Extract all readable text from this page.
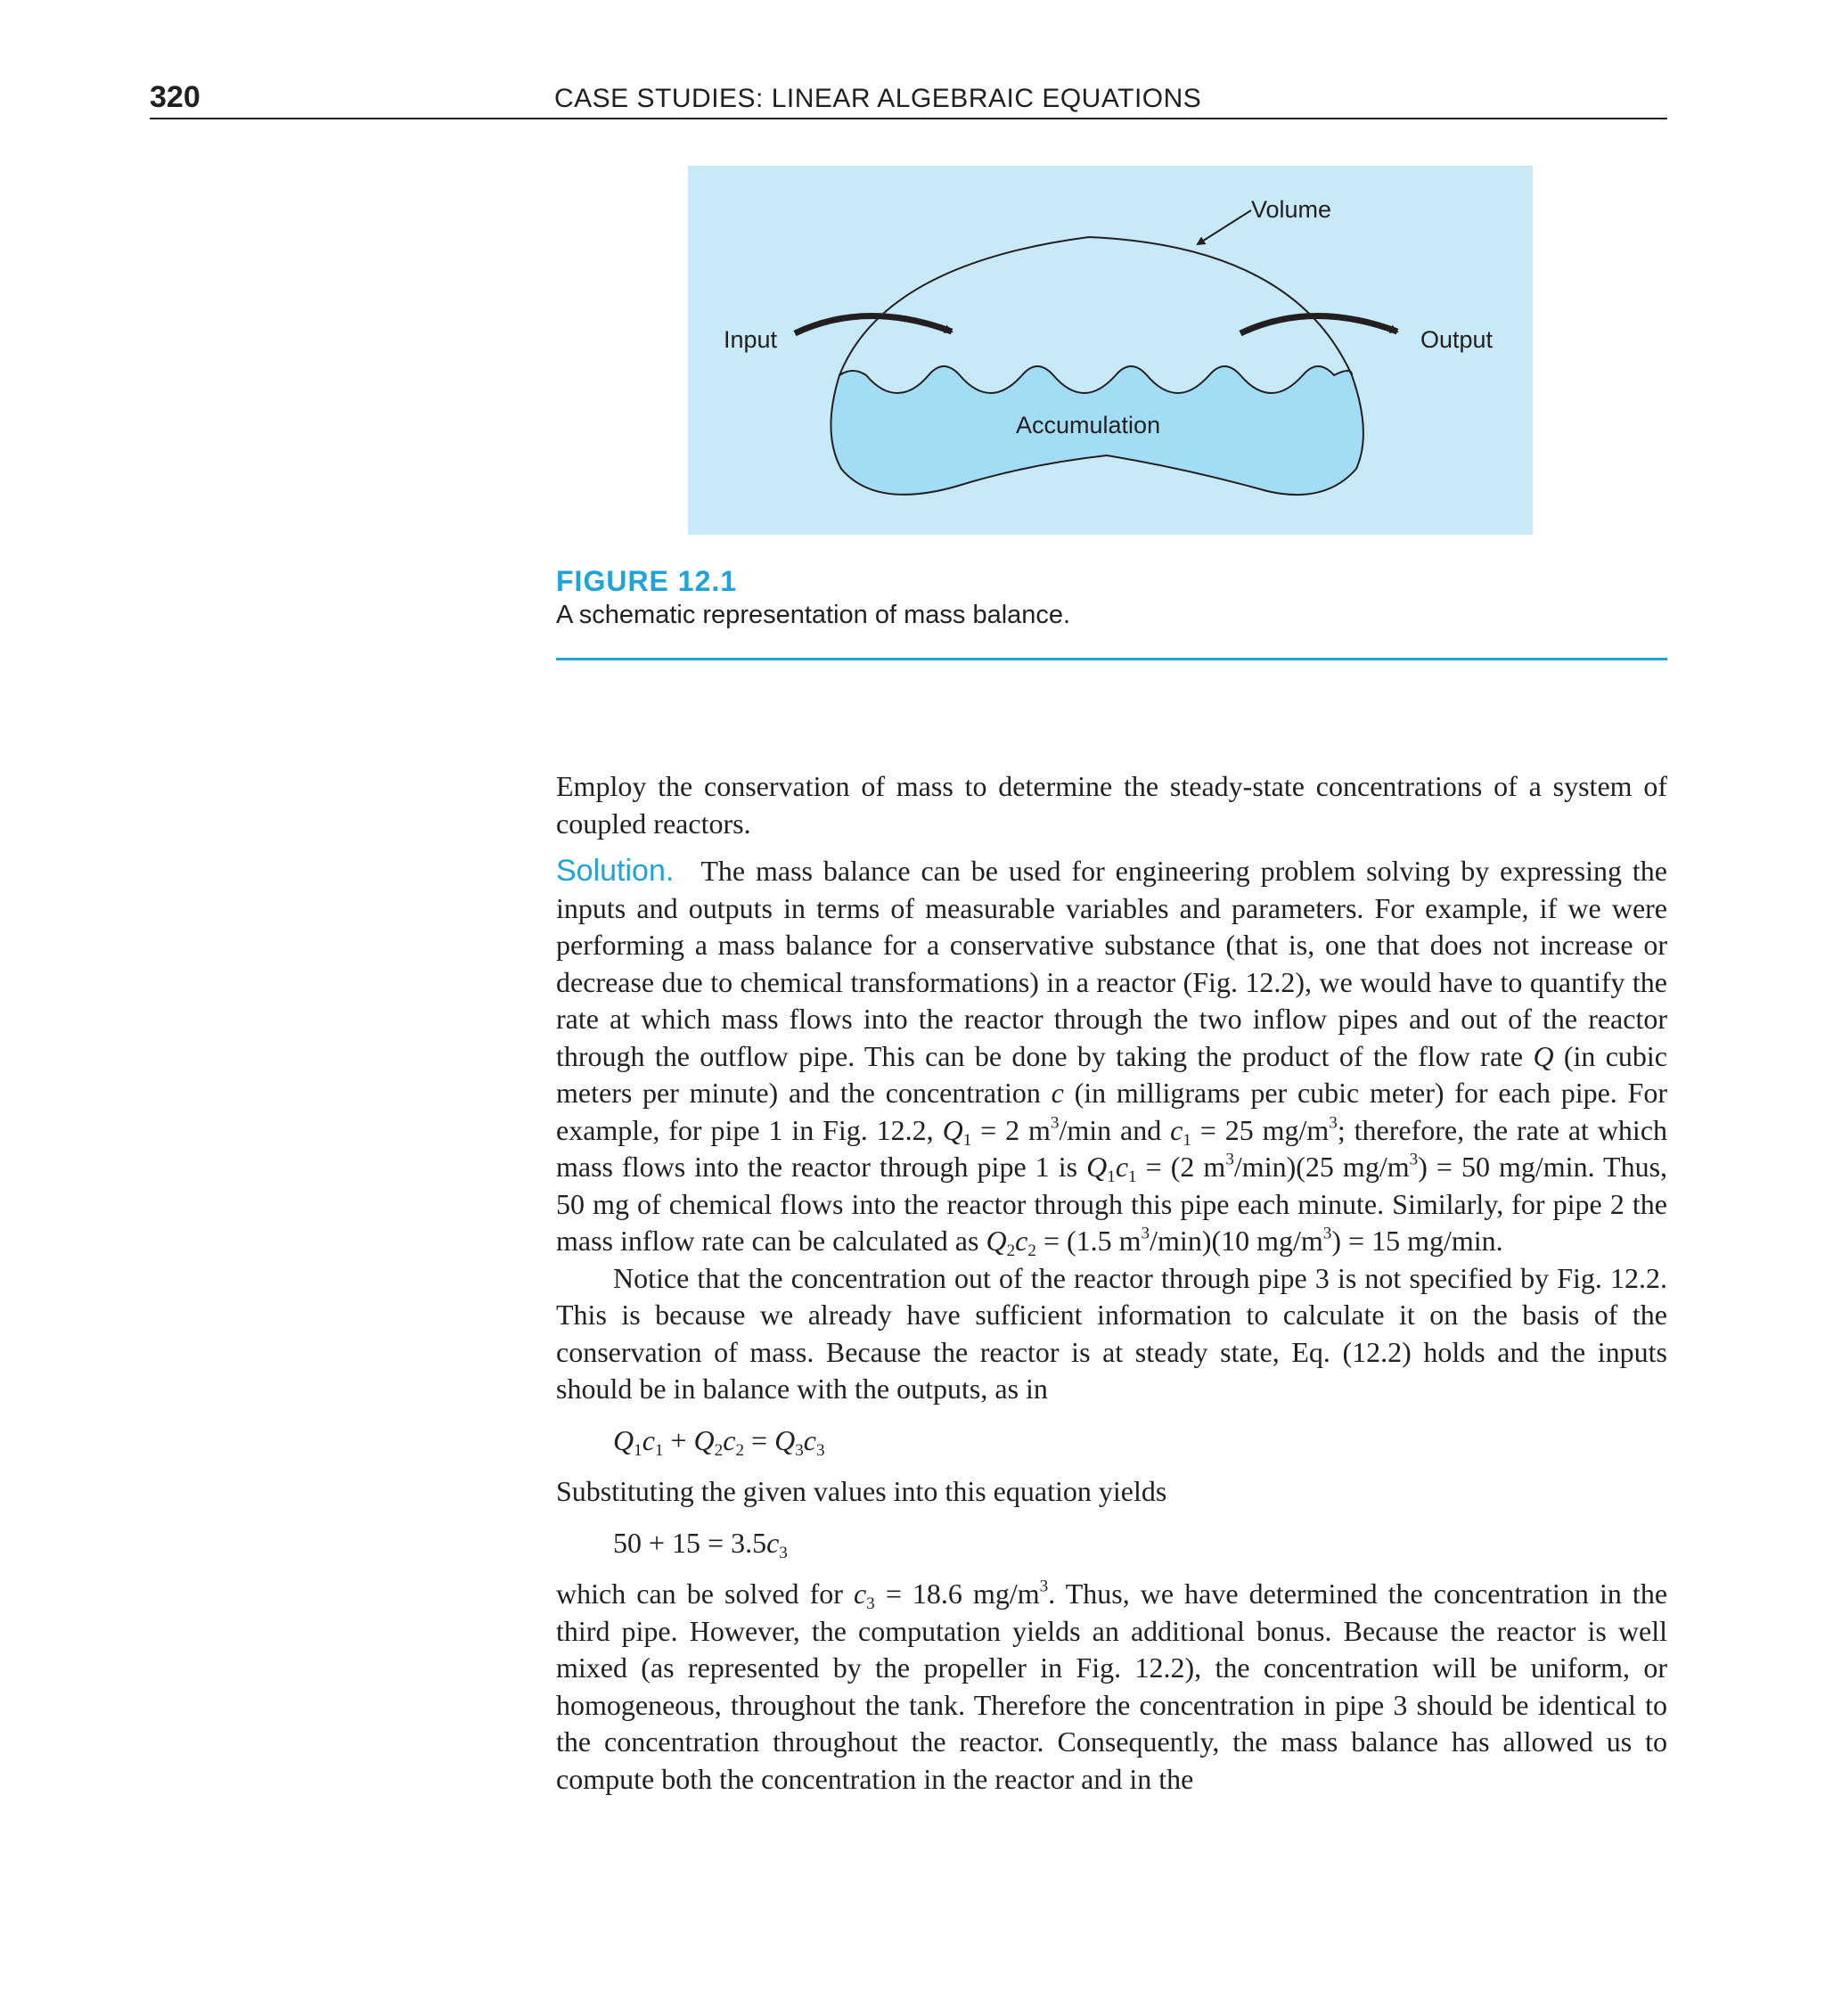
320	CASE STUDIES: LINEAR ALGEBRAIC EQUATIONS
Volume
Input	Output
Accumulation
FIGURE 12.1
A schematic representation of mass balance.

Employ the conservation of mass to determine the steady-state concentrations of a system of coupled reactors.

Solution. The mass balance can be used for engineering problem solving by expressing the inputs and outputs in terms of measurable variables and parameters. For example, if we were performing a mass balance for a conservative substance (that is, one that does not increase or decrease due to chemical transformations) in a reactor (Fig. 12.2), we would have to quantify the rate at which mass flows into the reactor through the two inflow pipes and out of the reactor through the outflow pipe. This can be done by taking the product of the flow rate Q (in cubic meters per minute) and the concentration c (in milligrams per cubic meter) for each pipe. For example, for pipe 1 in Fig. 12.2, $Q_1 = 2$ $m^3/\min$ and $c_1 = 25$ $mg/m^3$; therefore, the rate at which mass flows into the reactor through pipe 1 is $Q_1c_1 = (2$ $m^3/\min)(25$ $mg/m^3) = 50$ mg/min. Thus, 50 mg of chemical flows into the reactor through this pipe each minute. Similarly, for pipe 2 the mass inflow rate can be calculated as $Q_2c_2 = (1.5$ $m^3/\min)(10$ $mg/m^3) = 15$ mg/min.

Notice that the concentration out of the reactor through pipe 3 is not specified by Fig. 12.2. This is because we already have sufficient information to calculate it on the basis of the conservation of mass. Because the reactor is at steady state, Eq. (12.2) holds and the inputs should be in balance with the outputs, as in

$Q_1c_1 + Q_2c_2 = Q_3c_3$

Substituting the given values into this equation yields

$50 + 15 = 3.5c_3$

which can be solved for $c_3 = 18.6$ $mg/m^3$. Thus, we have determined the concentration in the third pipe. However, the computation yields an additional bonus. Because the reactor is well mixed (as represented by the propeller in Fig. 12.2), the concentration will be uniform, or homogeneous, throughout the tank. Therefore the concentration in pipe 3 should be identical to the concentration throughout the reactor. Consequently, the mass balance has allowed us to compute both the concentration in the reactor and in the
